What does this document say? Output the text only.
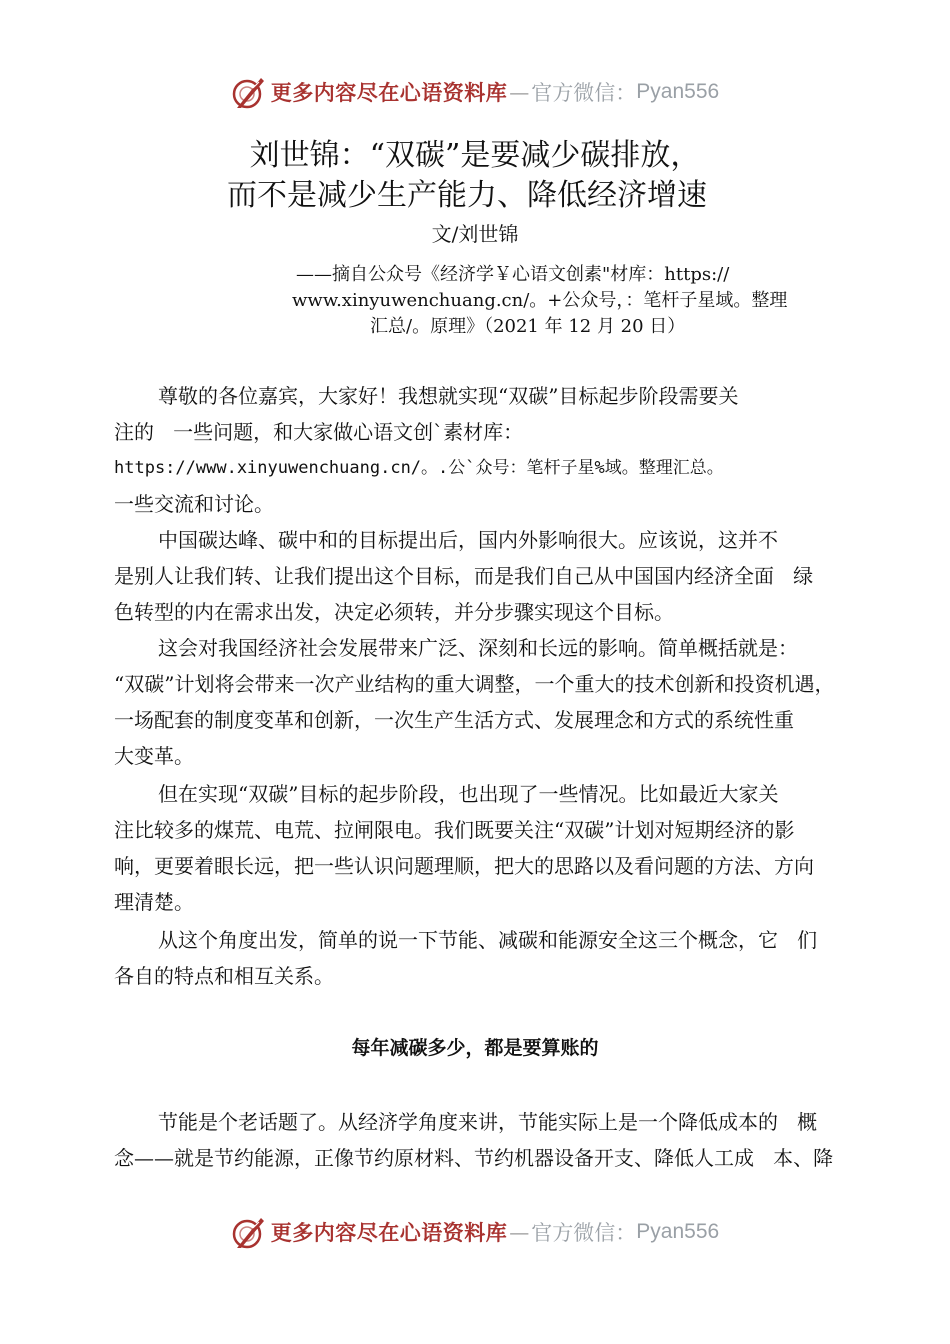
更多内容尽在心语资料库 — 官方微信： Pyan556
刘世锦：“双碳”是要减少碳排放，
而不是减少生产能力、降低经济增速
文/刘世锦
——摘自公众号《经济学￥心语文创素"材库：https://
www.xinyuwenchuang.cn/。+公众号，：笔杆子星域。整理
汇总/。原理》（2021 年 12 月 20 日）
尊敬的各位嘉宾，大家好！我想就实现“双碳”目标起步阶段需要关
注的   一些问题，和大家做心语文创`素材库：
https://www.xinyuwenchuang.cn/。.公`众号：笔杆子星%域。整理汇总。
一些交流和讨论。
中国碳达峰、碳中和的目标提出后，国内外影响很大。应该说，这并不
是别人让我们转、让我们提出这个目标，而是我们自己从中国国内经济全面   绿
色转型的内在需求出发，决定必须转，并分步骤实现这个目标。
这会对我国经济社会发展带来广泛、深刻和长远的影响。简单概括就是：
“双碳”计划将会带来一次产业结构的重大调整，一个重大的技术创新和投资机遇，
一场配套的制度变革和创新，一次生产生活方式、发展理念和方式的系统性重
大变革。
但在实现“双碳”目标的起步阶段，也出现了一些情况。比如最近大家关
注比较多的煤荒、电荒、拉闸限电。我们既要关注“双碳”计划对短期经济的影
响，更要着眼长远，把一些认识问题理顺，把大的思路以及看问题的方法、方向
理清楚。
从这个角度出发，简单的说一下节能、减碳和能源安全这三个概念，它   们
各自的特点和相互关系。
每年减碳多少，都是要算账的
节能是个老话题了。从经济学角度来讲，节能实际上是一个降低成本的   概
念——就是节约能源，正像节约原材料、节约机器设备开支、降低人工成   本、降
更多内容尽在心语资料库 — 官方微信： Pyan556
